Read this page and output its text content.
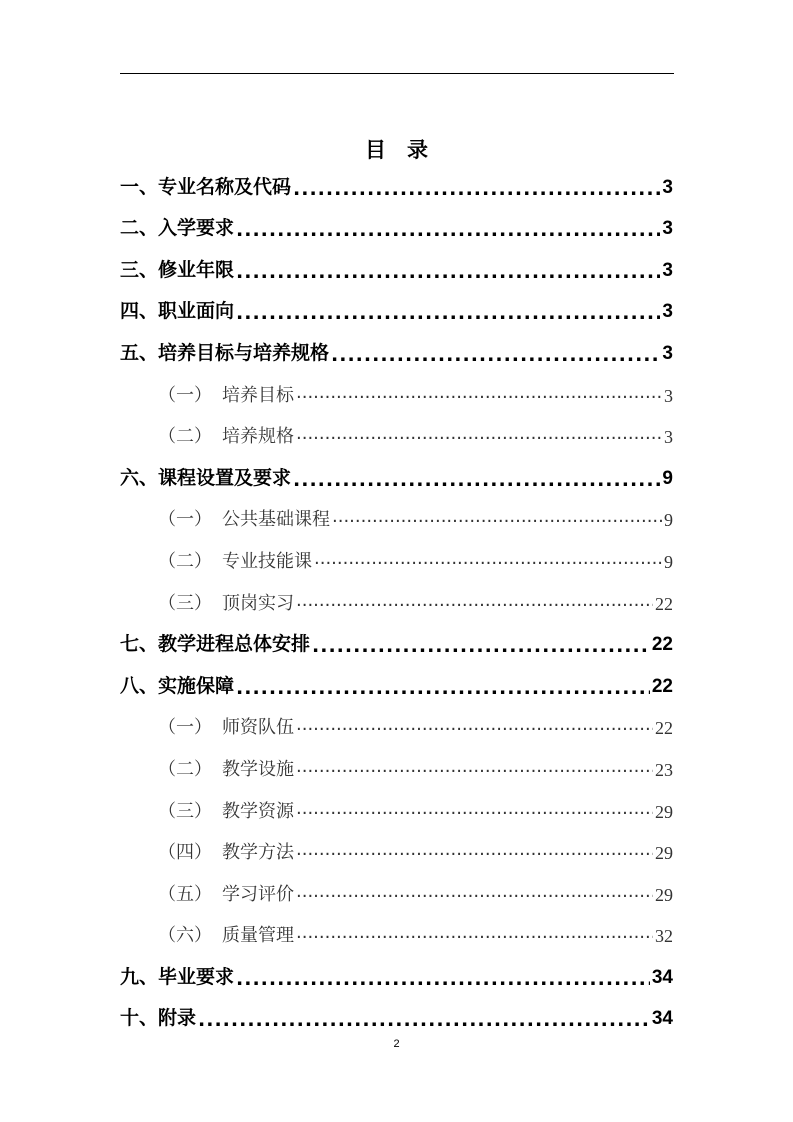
目　录
一、专业名称及代码 .....	3
二、入学要求 .....	3
三、修业年限 .....	3
四、职业面向 .....	3
五、培养目标与培养规格 .....	3
（一） 培养目标 ·····	3
（二） 培养规格 ·····	3
六、课程设置及要求 .....	9
（一） 公共基础课程 ·····	9
（二） 专业技能课 ·····	9
（三） 顶岗实习 ·····	22
七、教学进程总体安排 .....	22
八、实施保障 .....	22
（一） 师资队伍 ·····	22
（二） 教学设施 ·····	23
（三） 教学资源 ·····	29
（四） 教学方法 ·····	29
（五） 学习评价 ·····	29
（六） 质量管理 ·····	32
九、毕业要求 .....	34
十、附录 .....	34
2
